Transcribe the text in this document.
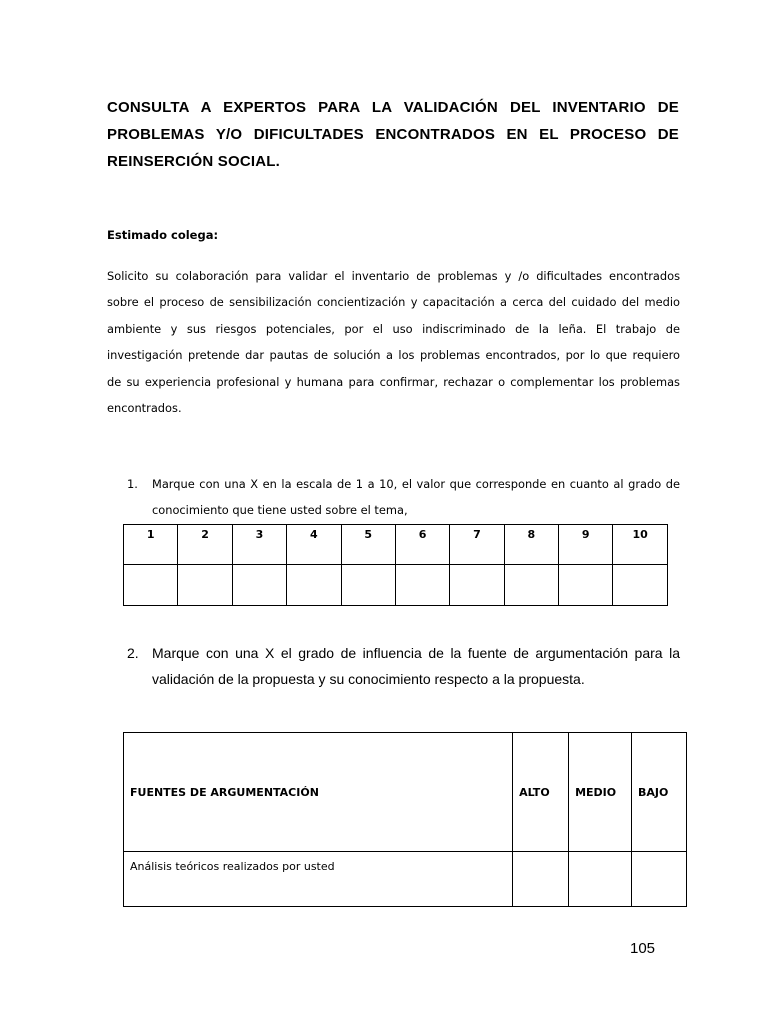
CONSULTA A EXPERTOS PARA LA VALIDACIÓN DEL INVENTARIO DE PROBLEMAS Y/O DIFICULTADES ENCONTRADOS EN EL PROCESO DE REINSERCIÓN SOCIAL.

Estimado colega:

Solicito su colaboración para validar el inventario de problemas y /o dificultades encontrados
sobre el proceso de sensibilización concientización y capacitación a cerca del cuidado del medio
ambiente y sus riesgos potenciales, por el uso indiscriminado de la leña. El trabajo de
investigación pretende dar pautas de solución a los problemas encontrados, por lo que requiero
de su experiencia profesional y humana para confirmar, rechazar o complementar los problemas
encontrados.
1. Marque con una X en la escala de 1 a 10, el valor que corresponde en cuanto al grado de
conocimiento que tiene usted sobre el tema,
1	2	3	4	5	6	7	8	9	10

2. Marque con una X el grado de influencia de la fuente de argumentación para la
validación de la propuesta y su conocimiento respecto a la propuesta.
FUENTES DE ARGUMENTACIÓN	ALTO	MEDIO	BAJO
Análisis teóricos realizados por usted			
105
